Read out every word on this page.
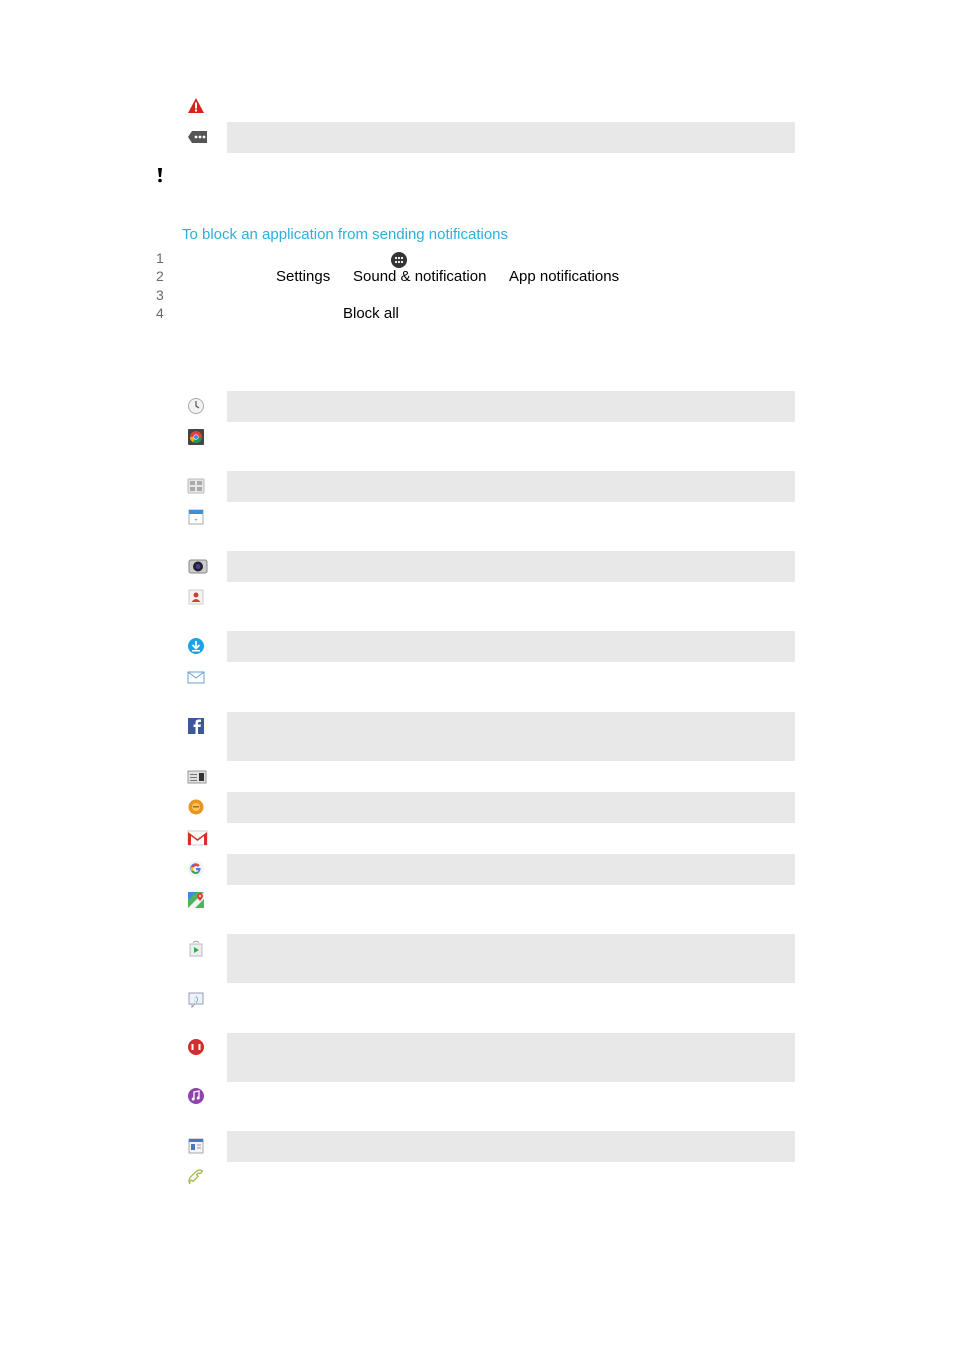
To block an application from sending notifications
1
2
3
4
Settings Sound & notification App notifications
Block all
+
:)
